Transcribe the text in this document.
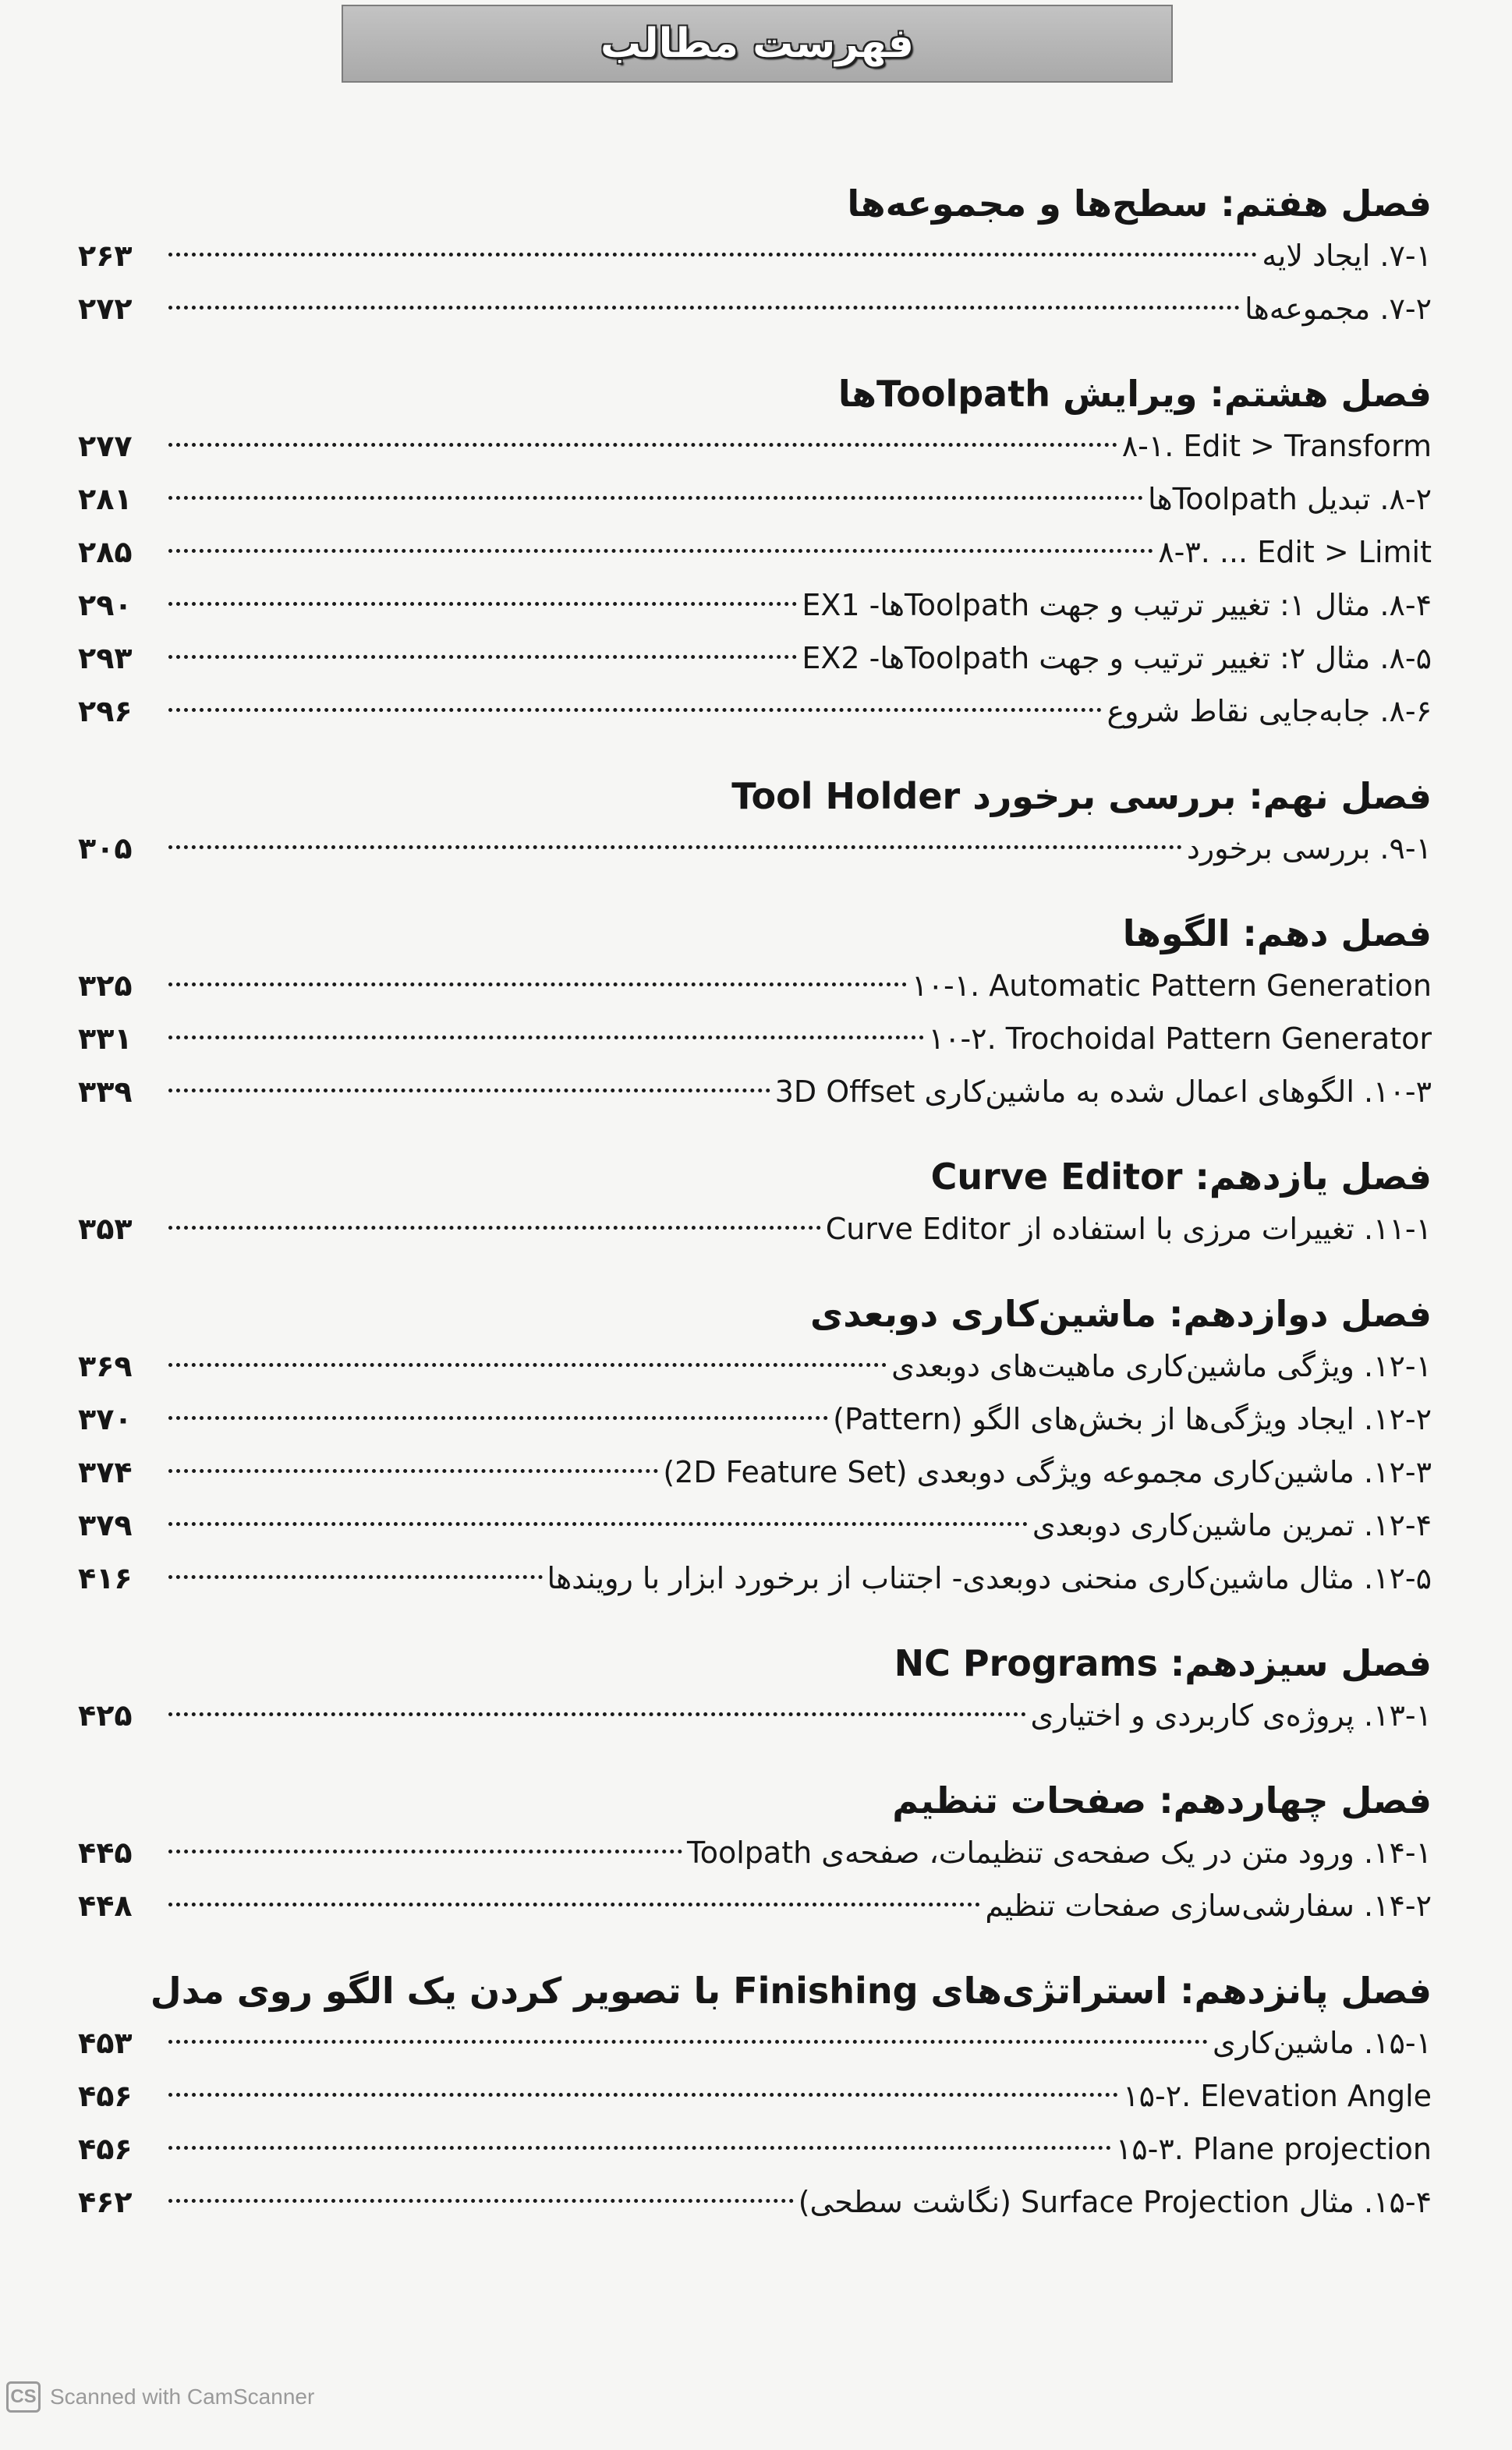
فهرست مطالب
فصل هفتم: سطح‌ها و مجموعه‌ها
۷-۱. ایجاد لایه
۲۶۳
۷-۲. مجموعه‌ها
۲۷۲
فصل هشتم: ویرایش Toolpathها
۸-۱. Edit > Transform
۲۷۷
۸-۲. تبدیل Toolpathها
۲۸۱
۸-۳. ... Edit > Limit
۲۸۵
۸-۴. مثال ۱: تغییر ترتیب و جهت Toolpathها- EX1
۲۹۰
۸-۵. مثال ۲: تغییر ترتیب و جهت Toolpathها- EX2
۲۹۳
۸-۶. جابه‌جایی نقاط شروع
۲۹۶
فصل نهم: بررسی برخورد Tool Holder
۹-۱. بررسی برخورد
۳۰۵
فصل دهم: الگوها
۱۰-۱. Automatic Pattern Generation
۳۲۵
۱۰-۲. Trochoidal Pattern Generator
۳۳۱
۱۰-۳. الگوهای اعمال شده به ماشین‌کاری 3D Offset
۳۳۹
فصل یازدهم: Curve Editor
۱۱-۱. تغییرات مرزی با استفاده از Curve Editor
۳۵۳
فصل دوازدهم: ماشین‌کاری دوبعدی
۱۲-۱. ویژگی ماشین‌کاری ماهیت‌های دوبعدی
۳۶۹
۱۲-۲. ایجاد ویژگی‌ها از بخش‌های الگو (Pattern)
۳۷۰
۱۲-۳. ماشین‌کاری مجموعه ویژگی دوبعدی (2D Feature Set)
۳۷۴
۱۲-۴. تمرین ماشین‌کاری دوبعدی
۳۷۹
۱۲-۵. مثال ماشین‌کاری منحنی دوبعدی- اجتناب از برخورد ابزار با رویندها
۴۱۶
فصل سیزدهم: NC Programs
۱۳-۱. پروژه‌ی کاربردی و اختیاری
۴۲۵
فصل چهاردهم: صفحات تنظیم
۱۴-۱. ورود متن در یک صفحه‌ی تنظیمات، صفحه‌ی Toolpath
۴۴۵
۱۴-۲. سفارشی‌سازی صفحات تنظیم
۴۴۸
فصل پانزدهم: استراتژی‌های Finishing با تصویر کردن یک الگو روی مدل
۱۵-۱. ماشین‌کاری
۴۵۳
۱۵-۲. Elevation Angle
۴۵۶
۱۵-۳. Plane projection
۴۵۶
۱۵-۴. مثال Surface Projection (نگاشت سطحی)
۴۶۲
CS Scanned with CamScanner
